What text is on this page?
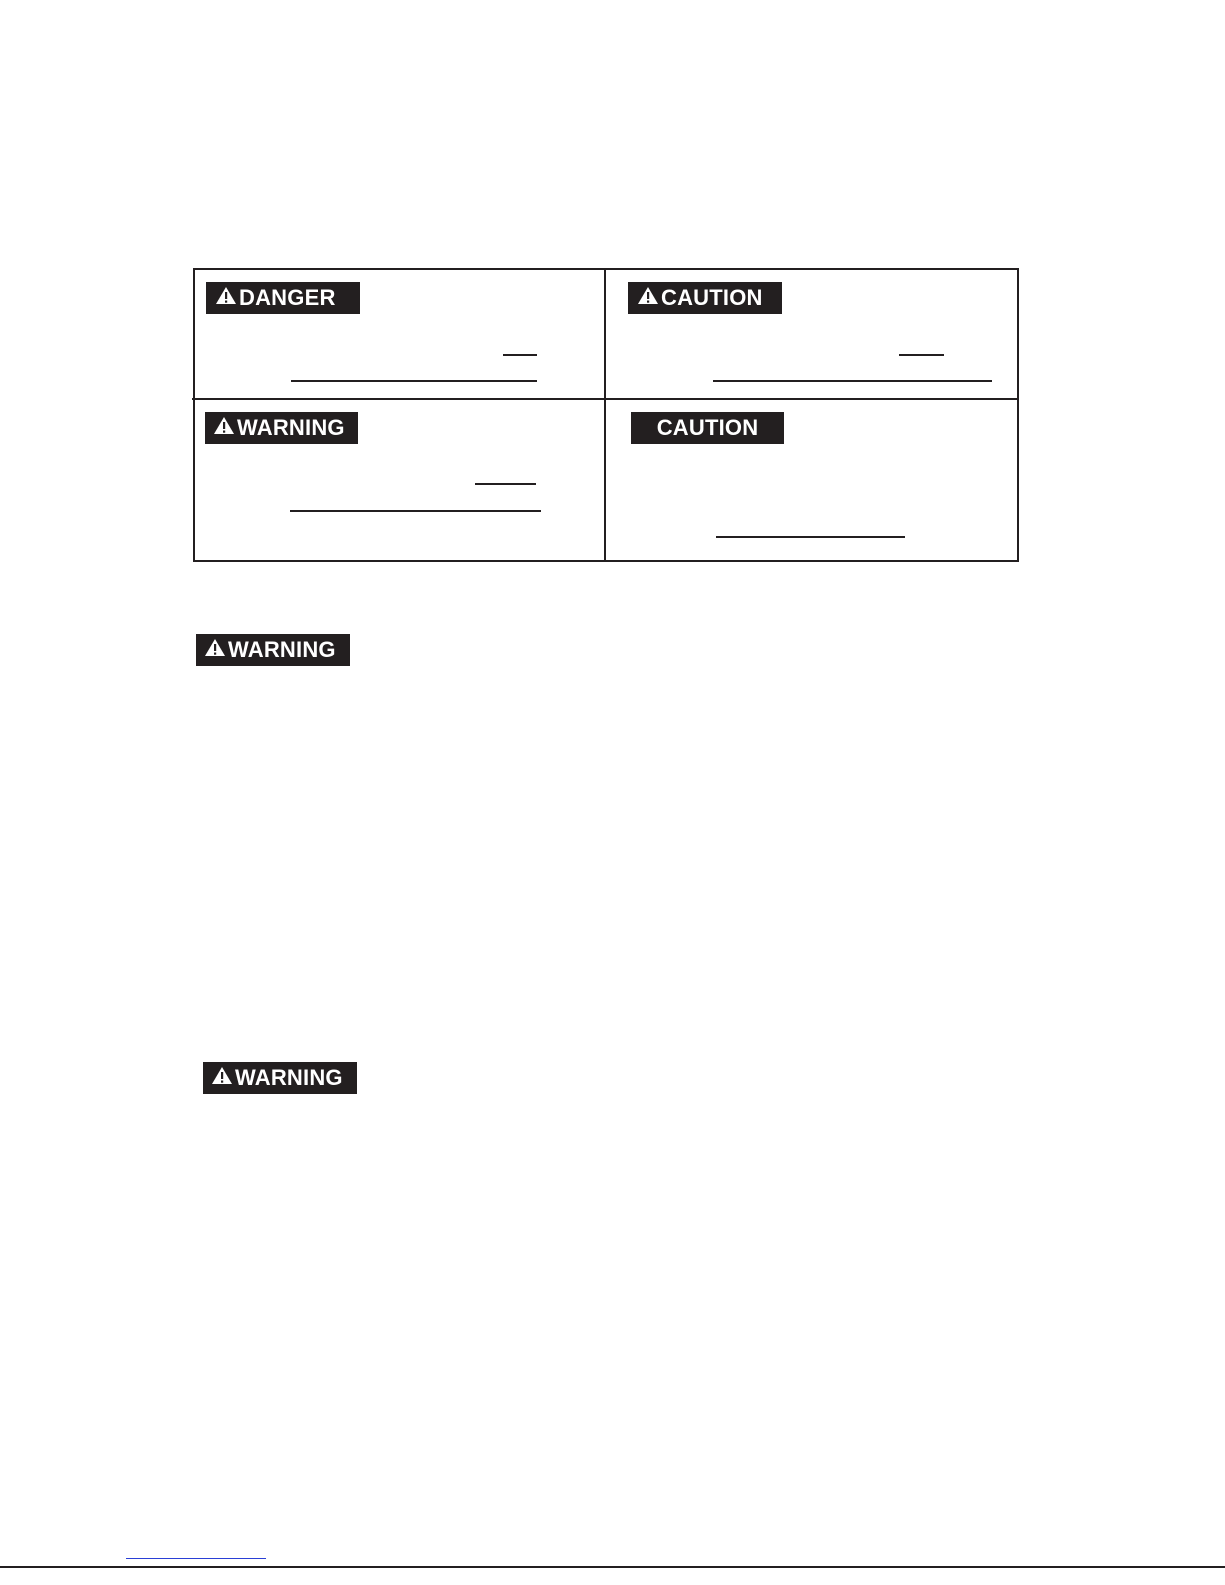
DANGER	CAUTION
WARNING	CAUTION
WARNING
WARNING
